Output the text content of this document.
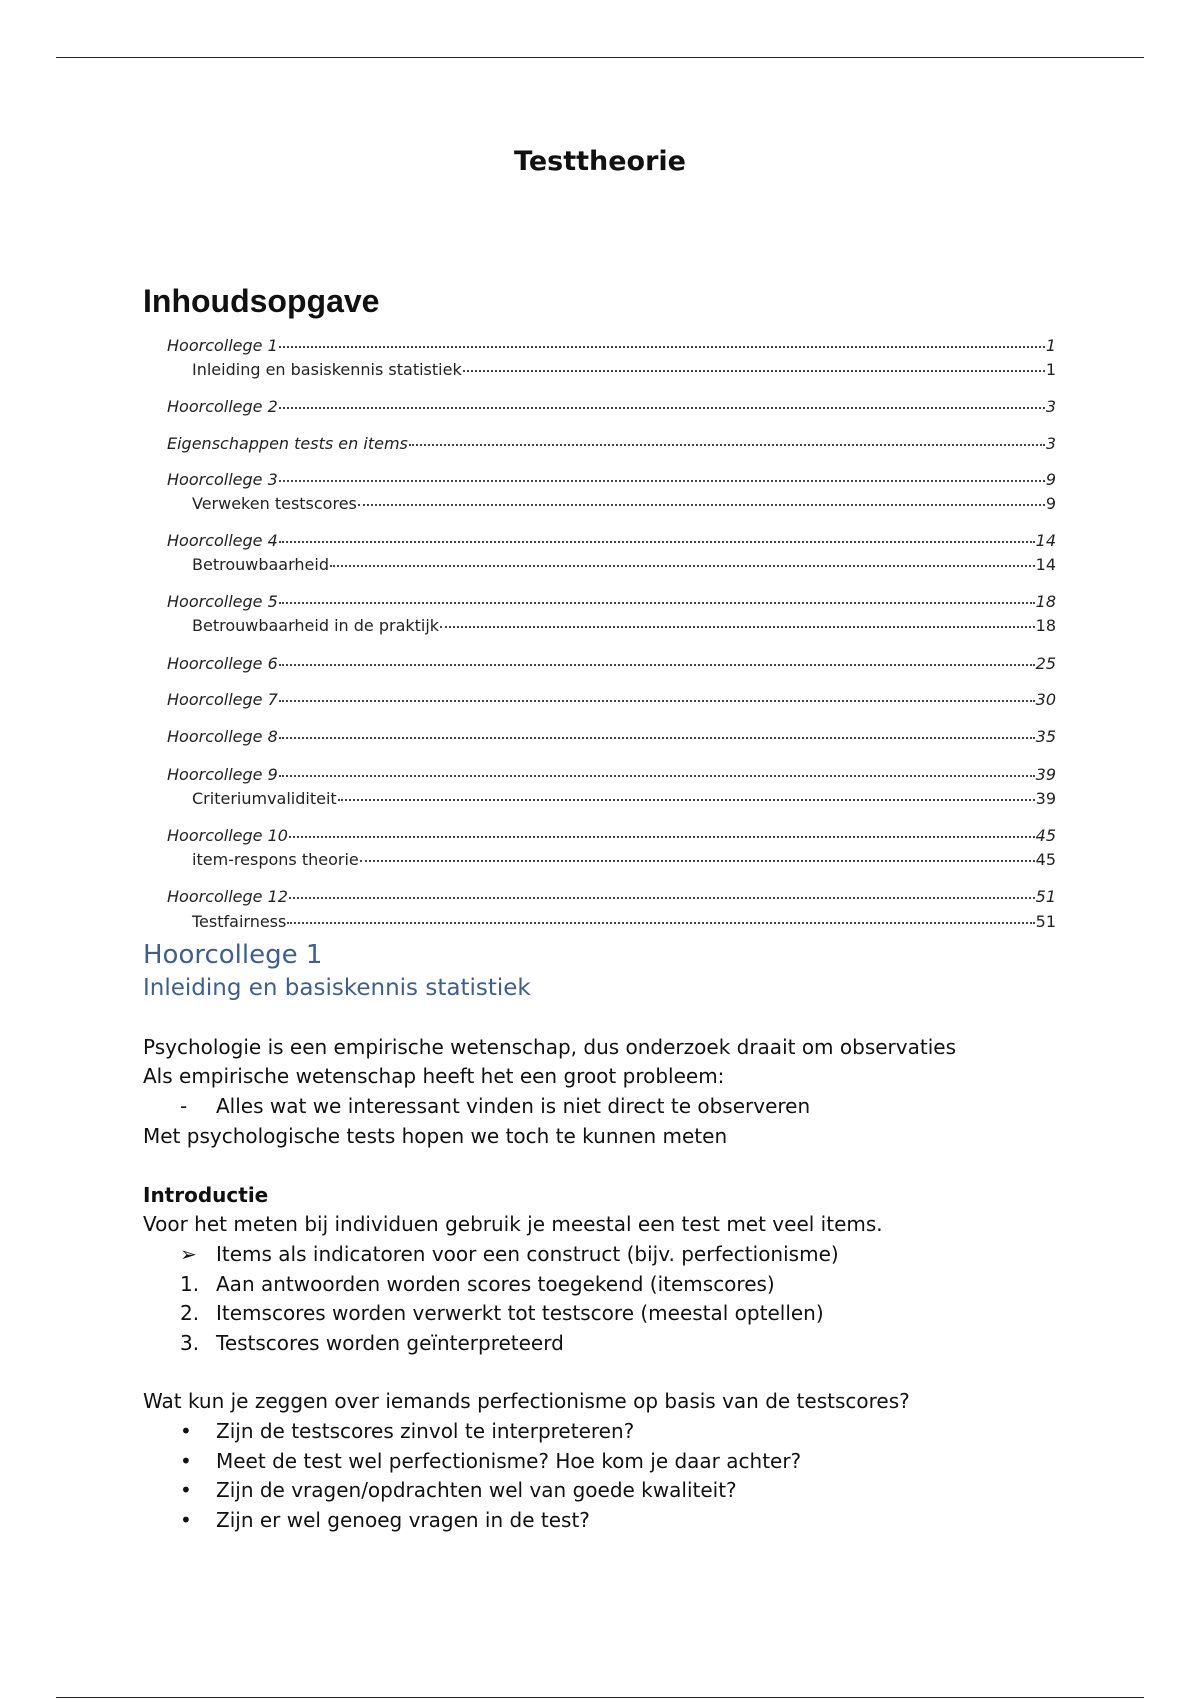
Testtheorie
Inhoudsopgave
Hoorcollege 1	1
Inleiding en basiskennis statistiek	1
Hoorcollege 2	3
Eigenschappen tests en items	3
Hoorcollege 3	9
Verweken testscores	9
Hoorcollege 4	14
Betrouwbaarheid	14
Hoorcollege 5	18
Betrouwbaarheid in de praktijk	18
Hoorcollege 6	25
Hoorcollege 7	30
Hoorcollege 8	35
Hoorcollege 9	39
Criteriumvaliditeit	39
Hoorcollege 10	45
item-respons theorie	45
Hoorcollege 12	51
Testfairness	51
Hoorcollege 1
Inleiding en basiskennis statistiek
Psychologie is een empirische wetenschap, dus onderzoek draait om observaties
Als empirische wetenschap heeft het een groot probleem:
- Alles wat we interessant vinden is niet direct te observeren
Met psychologische tests hopen we toch te kunnen meten
Introductie
Voor het meten bij individuen gebruik je meestal een test met veel items.
➢ Items als indicatoren voor een construct (bijv. perfectionisme)
1. Aan antwoorden worden scores toegekend (itemscores)
2. Itemscores worden verwerkt tot testscore (meestal optellen)
3. Testscores worden geïnterpreteerd
Wat kun je zeggen over iemands perfectionisme op basis van de testscores?
• Zijn de testscores zinvol te interpreteren?
• Meet de test wel perfectionisme? Hoe kom je daar achter?
• Zijn de vragen/opdrachten wel van goede kwaliteit?
• Zijn er wel genoeg vragen in de test?
